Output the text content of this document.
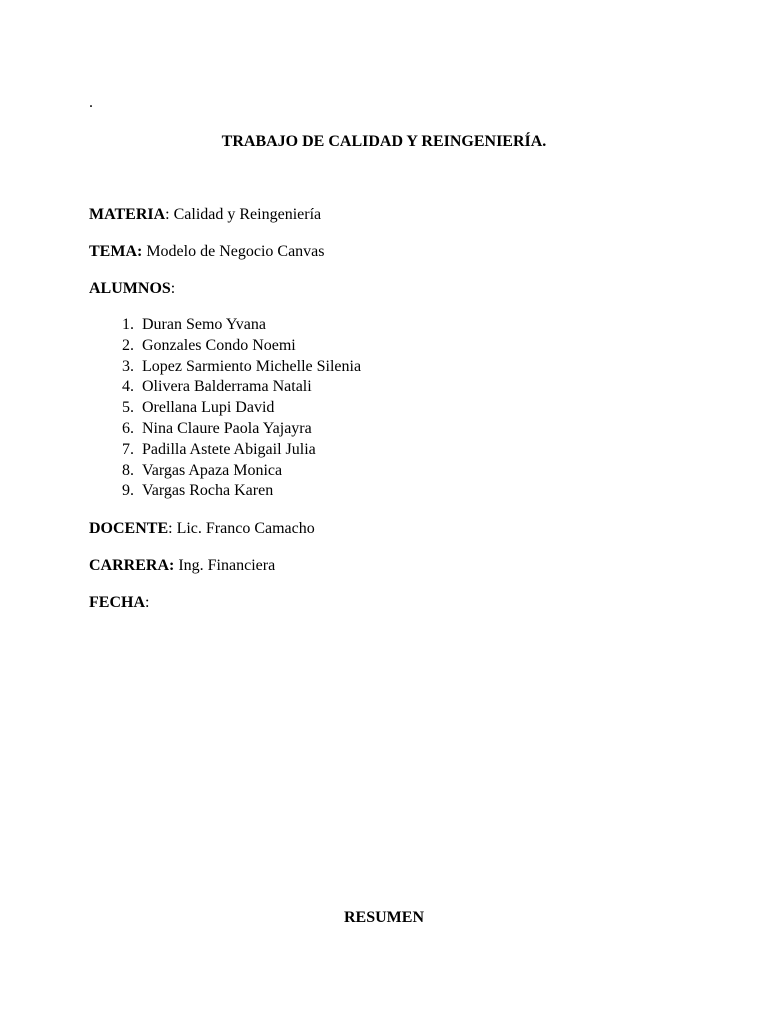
.
TRABAJO DE CALIDAD Y REINGENIERÍA.
MATERIA: Calidad y Reingeniería
TEMA: Modelo de Negocio Canvas
ALUMNOS:
1. Duran Semo Yvana
2. Gonzales Condo Noemi
3. Lopez Sarmiento Michelle Silenia
4. Olivera Balderrama Natali
5. Orellana Lupi David
6. Nina Claure Paola Yajayra
7. Padilla Astete Abigail Julia
8. Vargas Apaza Monica
9. Vargas Rocha Karen
DOCENTE: Lic. Franco Camacho
CARRERA: Ing. Financiera
FECHA:
RESUMEN
